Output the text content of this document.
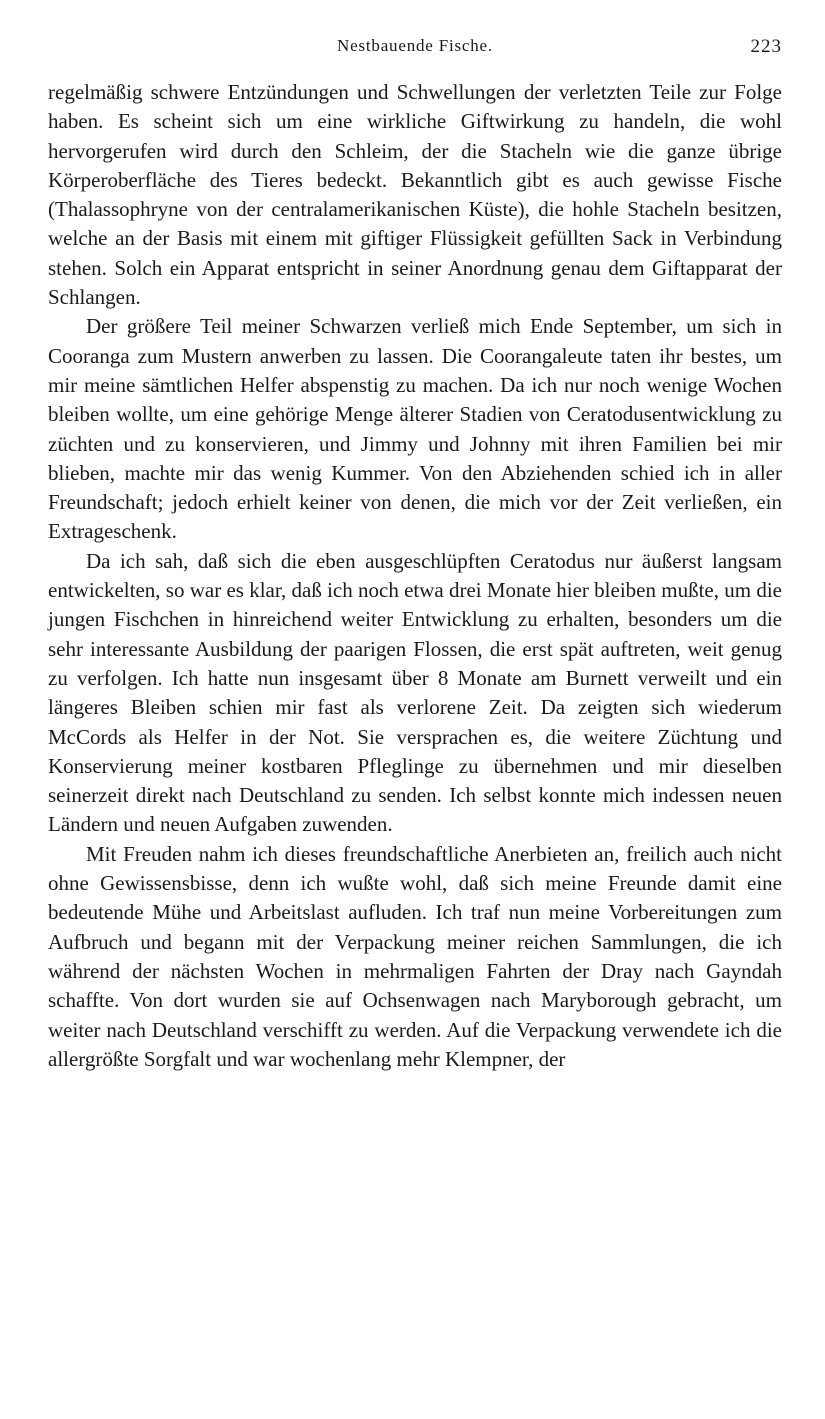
Nestbauende Fische.	223

regelmäßig schwere Entzündungen und Schwellungen der verletzten Teile zur Folge haben. Es scheint sich um eine wirkliche Giftwirkung zu handeln, die wohl hervorgerufen wird durch den Schleim, der die Stacheln wie die ganze übrige Körperoberfläche des Tieres bedeckt. Bekanntlich gibt es auch gewisse Fische (Thalassophryne von der centralamerikanischen Küste), die hohle Stacheln besitzen, welche an der Basis mit einem mit giftiger Flüssigkeit gefüllten Sack in Verbindung stehen. Solch ein Apparat entspricht in seiner Anordnung genau dem Giftapparat der Schlangen.

Der größere Teil meiner Schwarzen verließ mich Ende September, um sich in Cooranga zum Mustern anwerben zu lassen. Die Coorangaleute taten ihr bestes, um mir meine sämtlichen Helfer abspenstig zu machen. Da ich nur noch wenige Wochen bleiben wollte, um eine gehörige Menge älterer Stadien von Ceratodusentwicklung zu züchten und zu konservieren, und Jimmy und Johnny mit ihren Familien bei mir blieben, machte mir das wenig Kummer. Von den Abziehenden schied ich in aller Freundschaft; jedoch erhielt keiner von denen, die mich vor der Zeit verließen, ein Extrageschenk.

Da ich sah, daß sich die eben ausgeschlüpften Ceratodus nur äußerst langsam entwickelten, so war es klar, daß ich noch etwa drei Monate hier bleiben mußte, um die jungen Fischchen in hinreichend weiter Entwicklung zu erhalten, besonders um die sehr interessante Ausbildung der paarigen Flossen, die erst spät auftreten, weit genug zu verfolgen. Ich hatte nun insgesamt über 8 Monate am Burnett verweilt und ein längeres Bleiben schien mir fast als verlorene Zeit. Da zeigten sich wiederum McCords als Helfer in der Not. Sie versprachen es, die weitere Züchtung und Konservierung meiner kostbaren Pfleglinge zu übernehmen und mir dieselben seinerzeit direkt nach Deutschland zu senden. Ich selbst konnte mich indessen neuen Ländern und neuen Aufgaben zuwenden.

Mit Freuden nahm ich dieses freundschaftliche Anerbieten an, freilich auch nicht ohne Gewissensbisse, denn ich wußte wohl, daß sich meine Freunde damit eine bedeutende Mühe und Arbeitslast aufluden. Ich traf nun meine Vorbereitungen zum Aufbruch und begann mit der Verpackung meiner reichen Sammlungen, die ich während der nächsten Wochen in mehrmaligen Fahrten der Dray nach Gayndah schaffte. Von dort wurden sie auf Ochsenwagen nach Maryborough gebracht, um weiter nach Deutschland verschifft zu werden. Auf die Verpackung verwendete ich die allergrößte Sorgfalt und war wochenlang mehr Klempner, der
